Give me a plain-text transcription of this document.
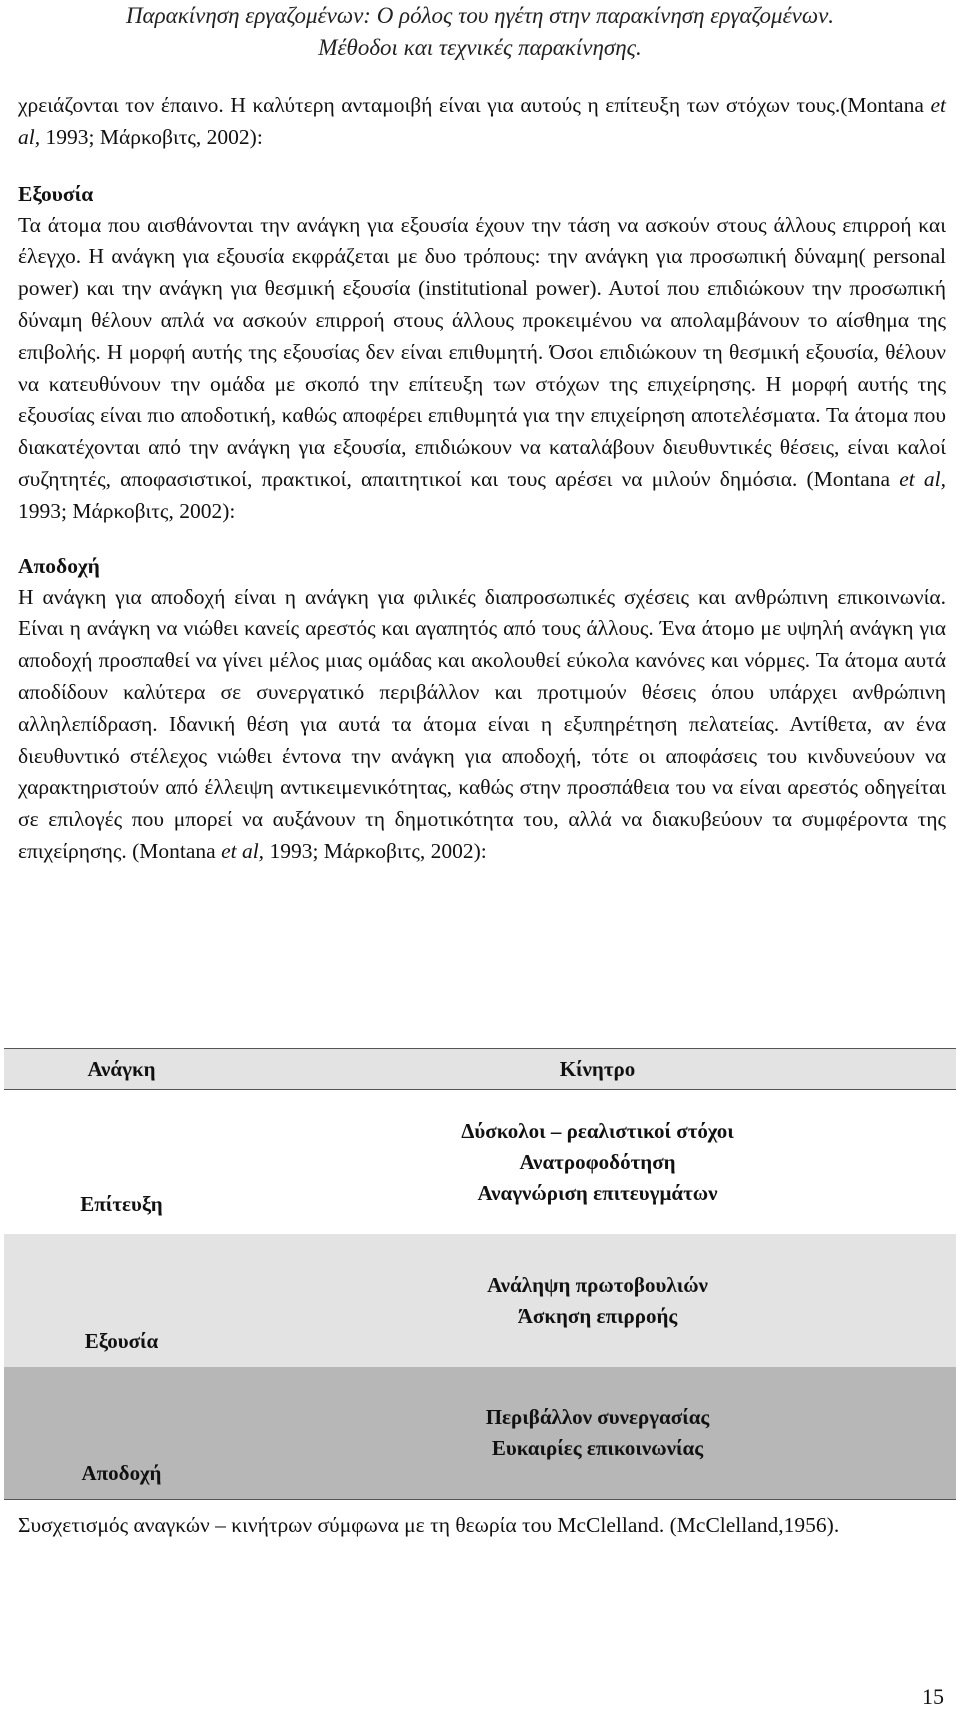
Παρακίνηση εργαζομένων: Ο ρόλος του ηγέτη στην παρακίνηση εργαζομένων.
Μέθοδοι και τεχνικές παρακίνησης.

χρειάζονται τον έπαινο. Η καλύτερη ανταμοιβή είναι για αυτούς η επίτευξη των στόχων τους.(Montana et al, 1993; Μάρκοβιτς, 2002):

Εξουσία

Τα άτομα που αισθάνονται την ανάγκη για εξουσία έχουν την τάση να ασκούν στους άλλους επιρροή και έλεγχο. Η ανάγκη για εξουσία εκφράζεται με δυο τρόπους: την ανάγκη για προσωπική δύναμη( personal power) και την ανάγκη για θεσμική εξουσία (institutional power). Αυτοί που επιδιώκουν την προσωπική δύναμη θέλουν απλά να ασκούν επιρροή στους άλλους προκειμένου να απολαμβάνουν το αίσθημα της επιβολής. Η μορφή αυτής της εξουσίας δεν είναι επιθυμητή. Όσοι επιδιώκουν τη θεσμική εξουσία, θέλουν να κατευθύνουν την ομάδα με σκοπό την επίτευξη των στόχων της επιχείρησης. Η μορφή αυτής της εξουσίας είναι πιο αποδοτική, καθώς αποφέρει επιθυμητά για την επιχείρηση αποτελέσματα. Τα άτομα που διακατέχονται από την ανάγκη για εξουσία, επιδιώκουν να καταλάβουν διευθυντικές θέσεις, είναι καλοί συζητητές, αποφασιστικοί, πρακτικοί, απαιτητικοί και τους αρέσει να μιλούν δημόσια. (Montana et al, 1993; Μάρκοβιτς, 2002):

Αποδοχή

Η ανάγκη για αποδοχή είναι η ανάγκη για φιλικές διαπροσωπικές σχέσεις και ανθρώπινη επικοινωνία. Είναι η ανάγκη να νιώθει κανείς αρεστός και αγαπητός από τους άλλους. Ένα άτομο με υψηλή ανάγκη για αποδοχή προσπαθεί να γίνει μέλος μιας ομάδας και ακολουθεί εύκολα κανόνες και νόρμες. Τα άτομα αυτά αποδίδουν καλύτερα σε συνεργατικό περιβάλλον και προτιμούν θέσεις όπου υπάρχει ανθρώπινη αλληλεπίδραση. Ιδανική θέση για αυτά τα άτομα είναι η εξυπηρέτηση πελατείας. Αντίθετα, αν ένα διευθυντικό στέλεχος νιώθει έντονα την ανάγκη για αποδοχή, τότε οι αποφάσεις του κινδυνεύουν να χαρακτηριστούν από έλλειψη αντικειμενικότητας, καθώς στην προσπάθεια του να είναι αρεστός οδηγείται σε επιλογές που μπορεί να αυξάνουν τη δημοτικότητα του, αλλά να διακυβεύουν τα συμφέροντα της επιχείρησης. (Montana et al, 1993; Μάρκοβιτς, 2002):

Ανάγκη	Κίνητρο
Επίτευξη	Δύσκολοι – ρεαλιστικοί στόχοι
Ανατροφοδότηση
Αναγνώριση επιτευγμάτων

Εξουσία	Ανάληψη πρωτοβουλιών
Άσκηση επιρροής

Αποδοχή	Περιβάλλον συνεργασίας
Ευκαιρίες επικοινωνίας

Συσχετισμός αναγκών – κινήτρων σύμφωνα με τη θεωρία του McClelland. (McClelland,1956).

15
